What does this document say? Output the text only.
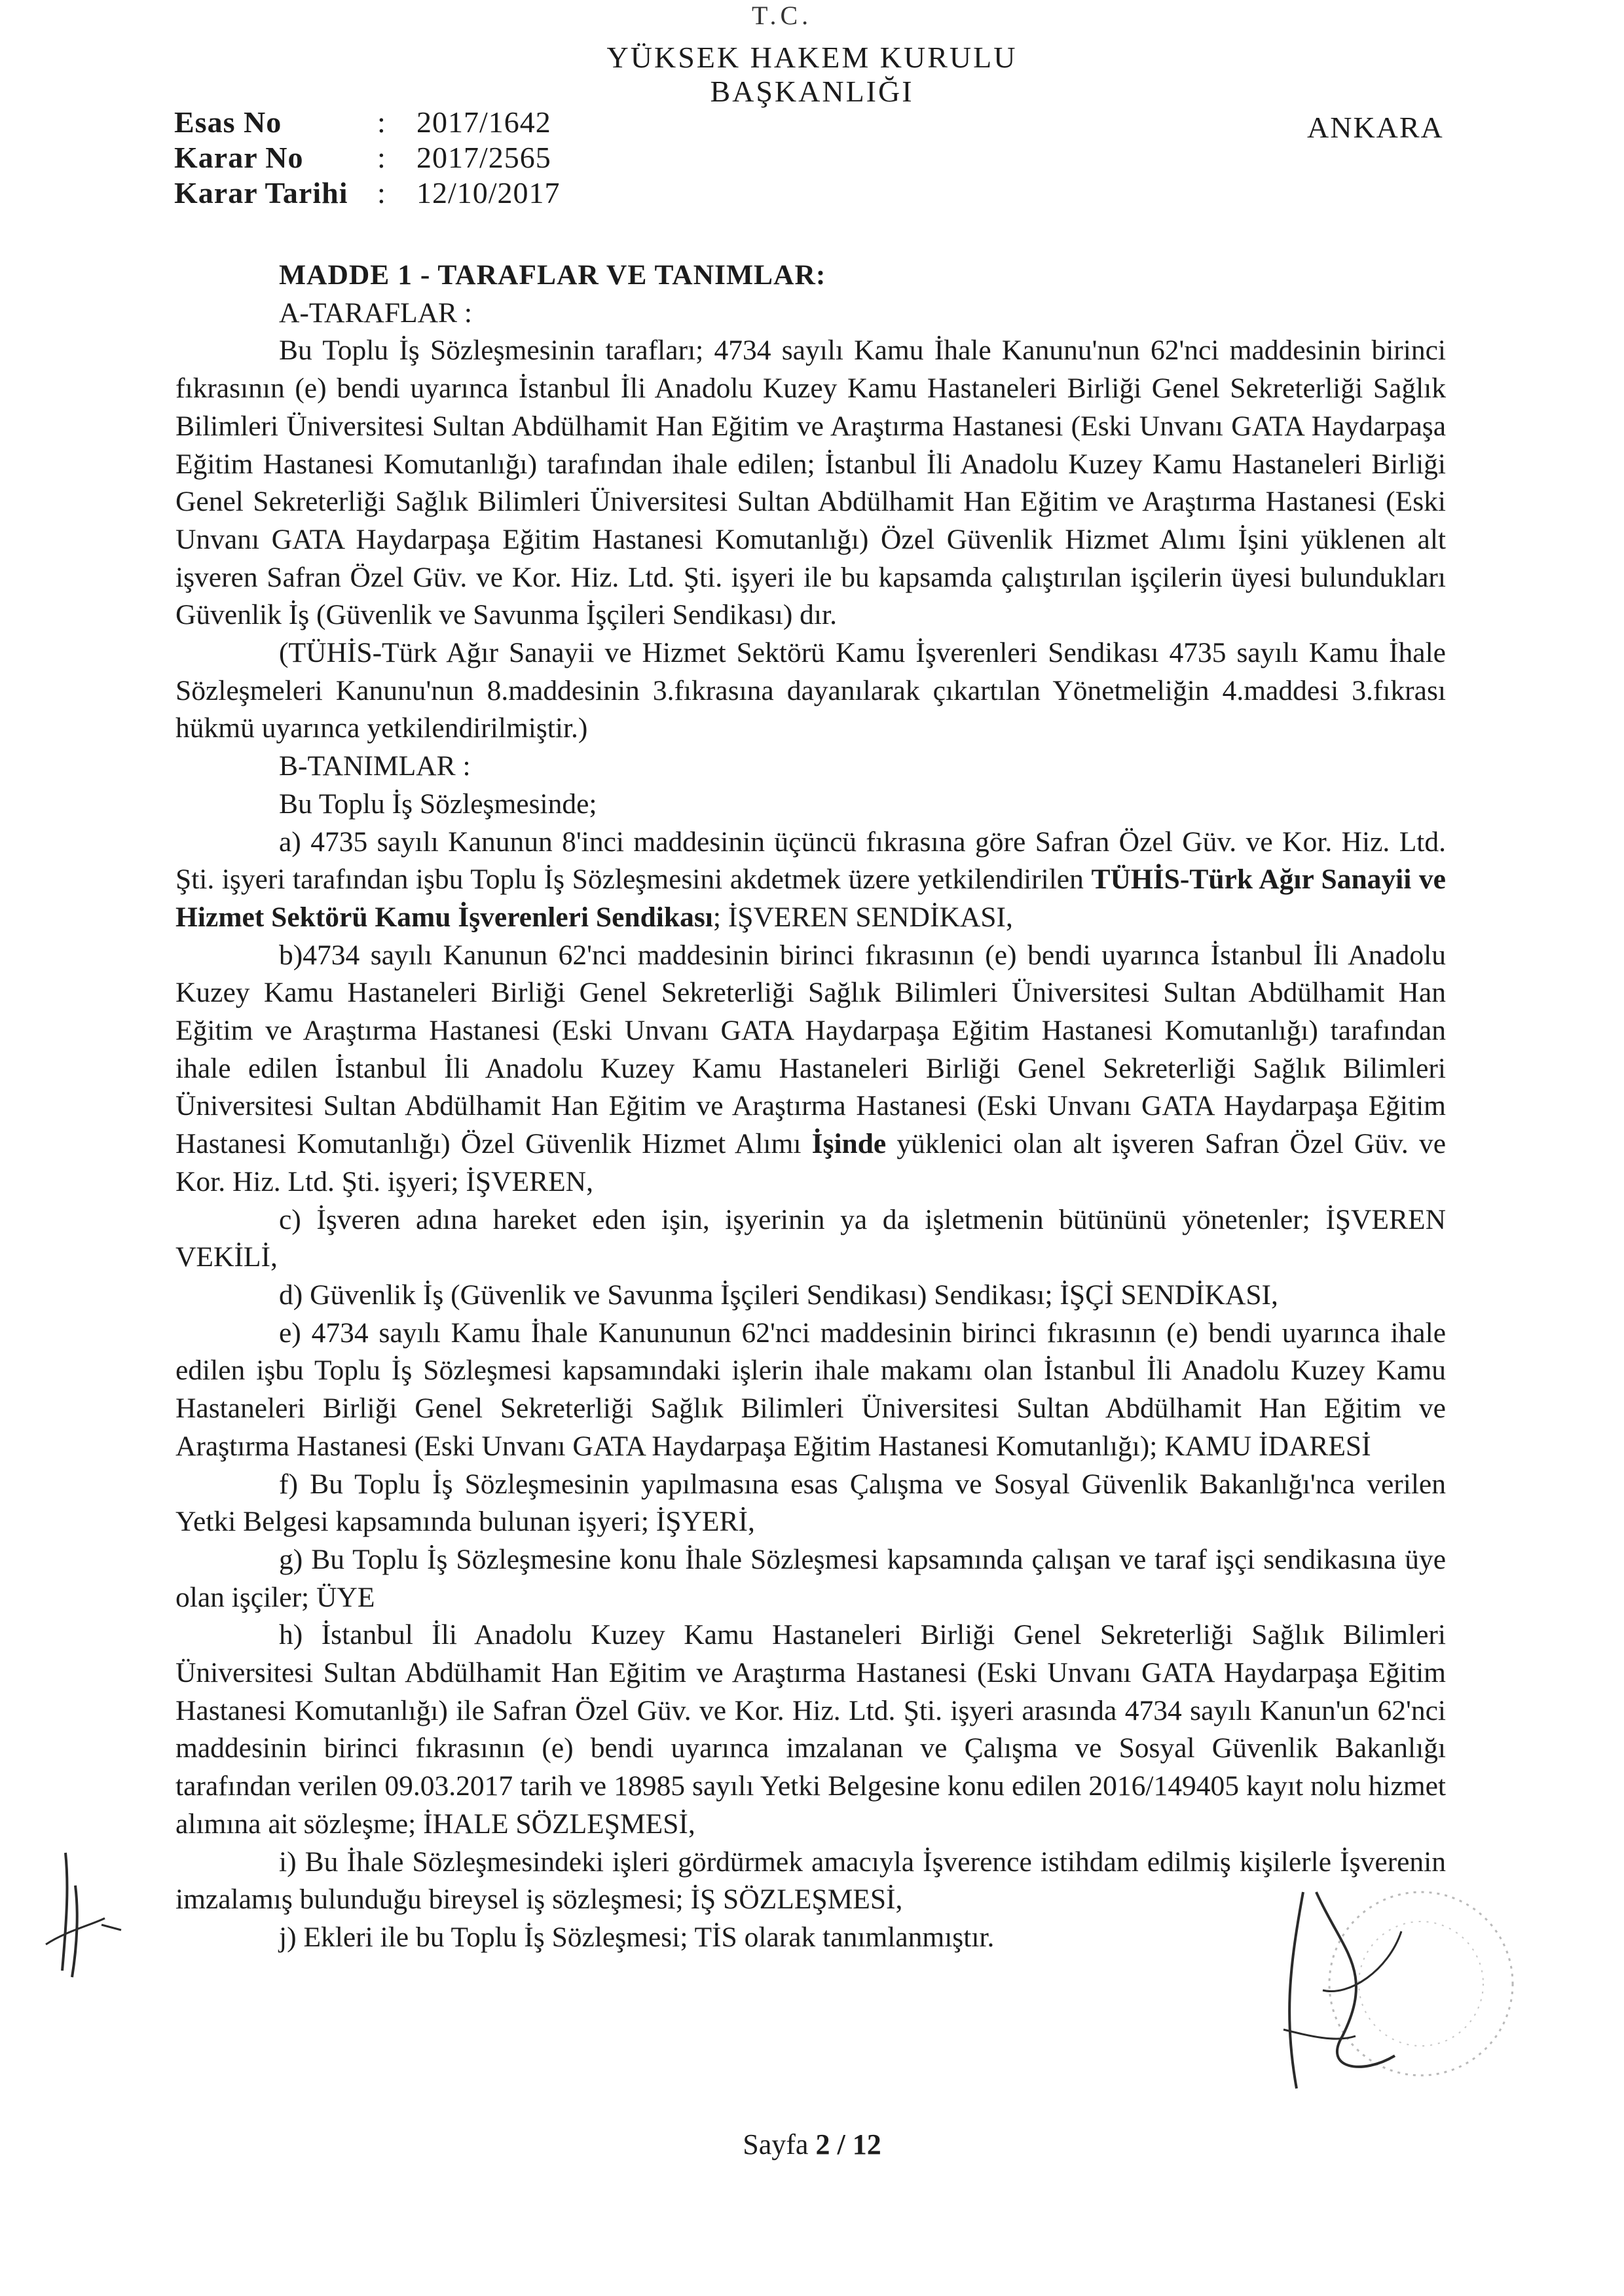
T.C.
YÜKSEK HAKEM KURULU
BAŞKANLIĞI
Esas No	:	2017/1642
Karar No	:	2017/2565
Karar Tarihi :	12/10/2017
ANKARA

MADDE 1 - TARAFLAR VE TANIMLAR:

A-TARAFLAR :

Bu Toplu İş Sözleşmesinin tarafları; 4734 sayılı Kamu İhale Kanunu'nun 62'nci maddesinin birinci fıkrasının (e) bendi uyarınca İstanbul İli Anadolu Kuzey Kamu Hastaneleri Birliği Genel Sekreterliği Sağlık Bilimleri Üniversitesi Sultan Abdülhamit Han Eğitim ve Araştırma Hastanesi (Eski Unvanı GATA Haydarpaşa Eğitim Hastanesi Komutanlığı) tarafından ihale edilen; İstanbul İli Anadolu Kuzey Kamu Hastaneleri Birliği Genel Sekreterliği Sağlık Bilimleri Üniversitesi Sultan Abdülhamit Han Eğitim ve Araştırma Hastanesi (Eski Unvanı GATA Haydarpaşa Eğitim Hastanesi Komutanlığı) Özel Güvenlik Hizmet Alımı İşini yüklenen alt işveren Safran Özel Güv. ve Kor. Hiz. Ltd. Şti. işyeri ile bu kapsamda çalıştırılan işçilerin üyesi bulundukları Güvenlik İş (Güvenlik ve Savunma İşçileri Sendikası) dır.

(TÜHİS-Türk Ağır Sanayii ve Hizmet Sektörü Kamu İşverenleri Sendikası 4735 sayılı Kamu İhale Sözleşmeleri Kanunu'nun 8.maddesinin 3.fıkrasına dayanılarak çıkartılan Yönetmeliğin 4.maddesi 3.fıkrası hükmü uyarınca yetkilendirilmiştir.)

B-TANIMLAR :

Bu Toplu İş Sözleşmesinde;

a) 4735 sayılı Kanunun 8'inci maddesinin üçüncü fıkrasına göre Safran Özel Güv. ve Kor. Hiz. Ltd. Şti. işyeri tarafından işbu Toplu İş Sözleşmesini akdetmek üzere yetkilendirilen TÜHİS-Türk Ağır Sanayii ve Hizmet Sektörü Kamu İşverenleri Sendikası; İŞVEREN SENDİKASI,

b)4734 sayılı Kanunun 62'nci maddesinin birinci fıkrasının (e) bendi uyarınca İstanbul İli Anadolu Kuzey Kamu Hastaneleri Birliği Genel Sekreterliği Sağlık Bilimleri Üniversitesi Sultan Abdülhamit Han Eğitim ve Araştırma Hastanesi (Eski Unvanı GATA Haydarpaşa Eğitim Hastanesi Komutanlığı) tarafından ihale edilen İstanbul İli Anadolu Kuzey Kamu Hastaneleri Birliği Genel Sekreterliği Sağlık Bilimleri Üniversitesi Sultan Abdülhamit Han Eğitim ve Araştırma Hastanesi (Eski Unvanı GATA Haydarpaşa Eğitim Hastanesi Komutanlığı) Özel Güvenlik Hizmet Alımı İşinde yüklenici olan alt işveren Safran Özel Güv. ve Kor. Hiz. Ltd. Şti. işyeri; İŞVEREN,

c) İşveren adına hareket eden işin, işyerinin ya da işletmenin bütününü yönetenler; İŞVEREN VEKİLİ,

d) Güvenlik İş (Güvenlik ve Savunma İşçileri Sendikası) Sendikası; İŞÇİ SENDİKASI,

e) 4734 sayılı Kamu İhale Kanununun 62'nci maddesinin birinci fıkrasının (e) bendi uyarınca ihale edilen işbu Toplu İş Sözleşmesi kapsamındaki işlerin ihale makamı olan İstanbul İli Anadolu Kuzey Kamu Hastaneleri Birliği Genel Sekreterliği Sağlık Bilimleri Üniversitesi Sultan Abdülhamit Han Eğitim ve Araştırma Hastanesi (Eski Unvanı GATA Haydarpaşa Eğitim Hastanesi Komutanlığı); KAMU İDARESİ

f) Bu Toplu İş Sözleşmesinin yapılmasına esas Çalışma ve Sosyal Güvenlik Bakanlığı'nca verilen Yetki Belgesi kapsamında bulunan işyeri; İŞYERİ,

g) Bu Toplu İş Sözleşmesine konu İhale Sözleşmesi kapsamında çalışan ve taraf işçi sendikasına üye olan işçiler; ÜYE

h) İstanbul İli Anadolu Kuzey Kamu Hastaneleri Birliği Genel Sekreterliği Sağlık Bilimleri Üniversitesi Sultan Abdülhamit Han Eğitim ve Araştırma Hastanesi (Eski Unvanı GATA Haydarpaşa Eğitim Hastanesi Komutanlığı) ile Safran Özel Güv. ve Kor. Hiz. Ltd. Şti. işyeri arasında 4734 sayılı Kanun'un 62'nci maddesinin birinci fıkrasının (e) bendi uyarınca imzalanan ve Çalışma ve Sosyal Güvenlik Bakanlığı tarafından verilen 09.03.2017 tarih ve 18985 sayılı Yetki Belgesine konu edilen 2016/149405 kayıt nolu hizmet alımına ait sözleşme; İHALE SÖZLEŞMESİ,

i) Bu İhale Sözleşmesindeki işleri gördürmek amacıyla İşverence istihdam edilmiş kişilerle İşverenin imzalamış bulunduğu bireysel iş sözleşmesi; İŞ SÖZLEŞMESİ,

j) Ekleri ile bu Toplu İş Sözleşmesi; TİS olarak tanımlanmıştır.

Sayfa 2 / 12
